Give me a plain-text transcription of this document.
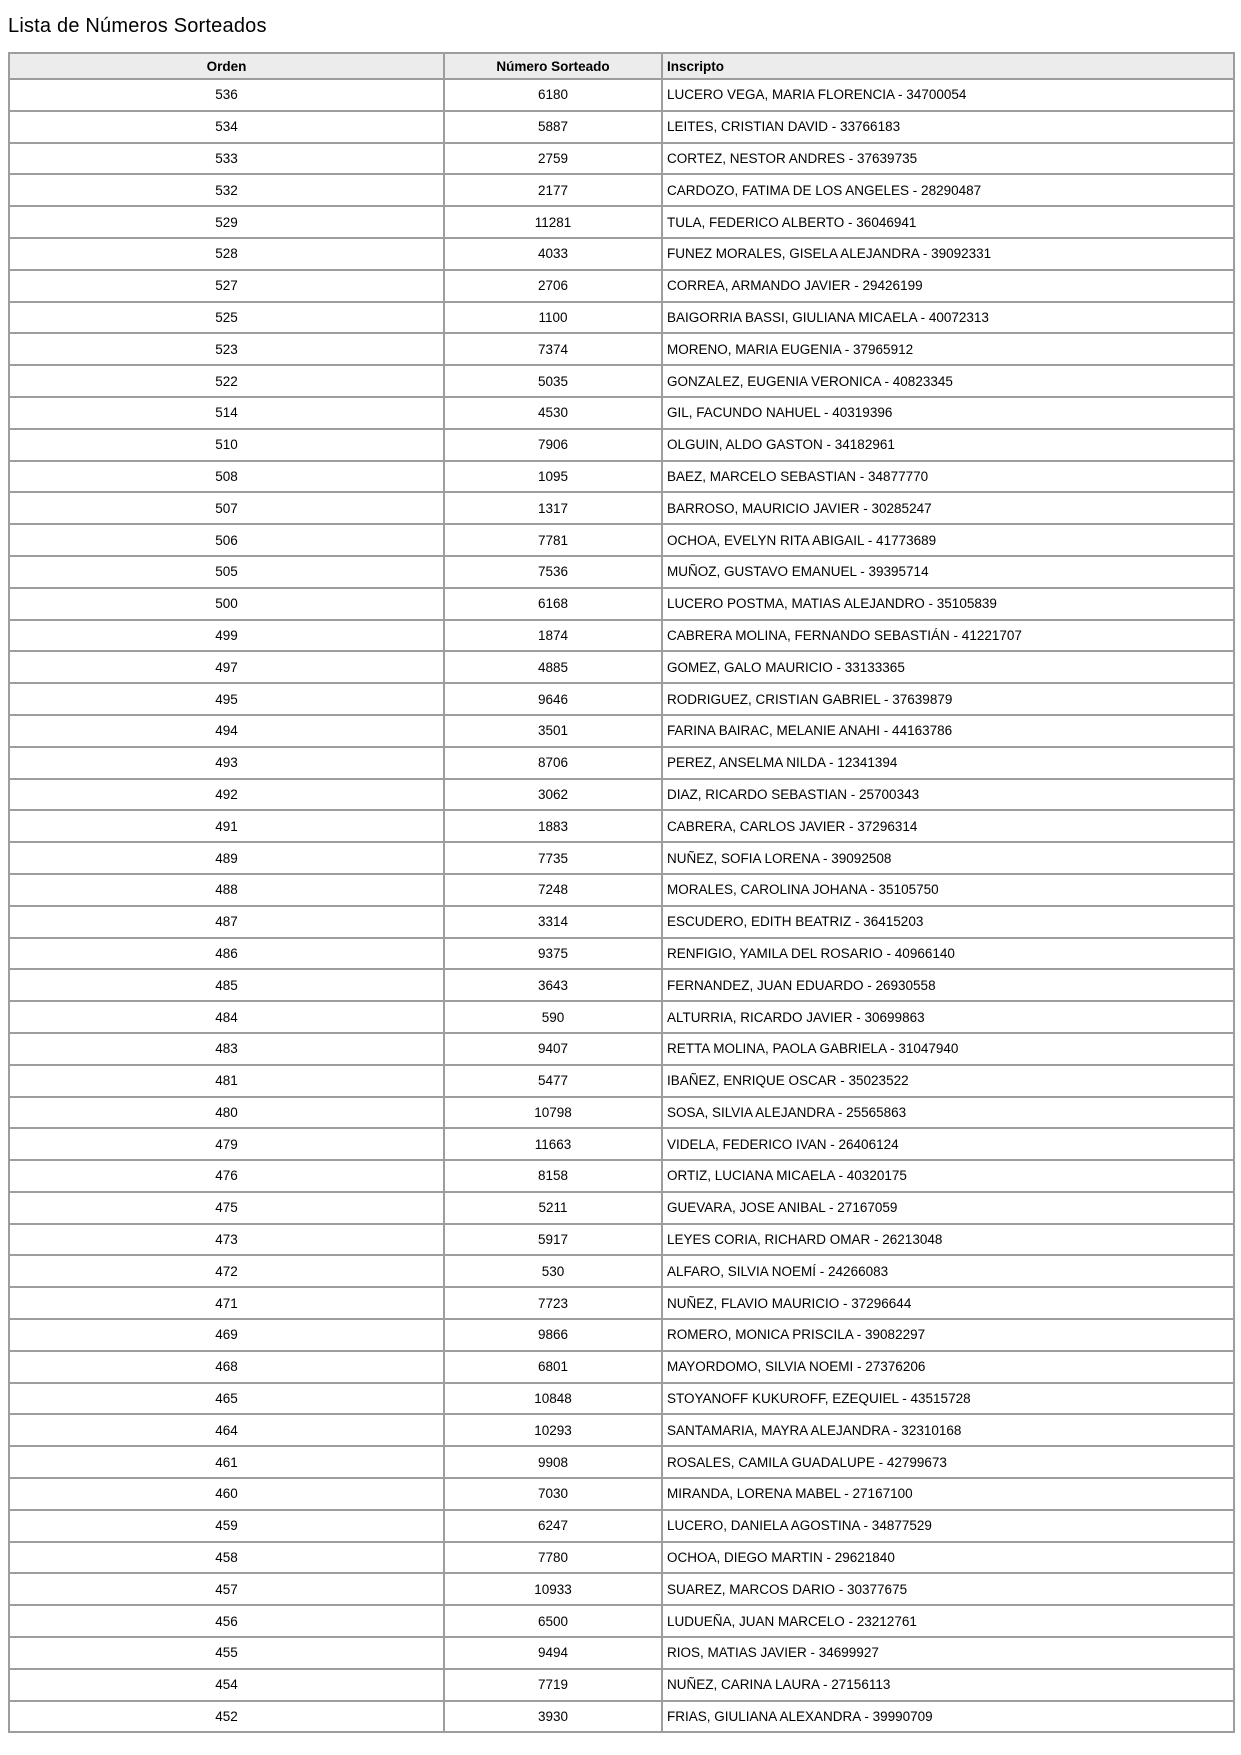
Lista de Números Sorteados
Orden	Número Sorteado	Inscripto
536	6180	LUCERO VEGA, MARIA FLORENCIA - 34700054
534	5887	LEITES, CRISTIAN DAVID - 33766183
533	2759	CORTEZ, NESTOR ANDRES - 37639735
532	2177	CARDOZO, FATIMA DE LOS ANGELES - 28290487
529	11281	TULA, FEDERICO ALBERTO - 36046941
528	4033	FUNEZ MORALES, GISELA ALEJANDRA - 39092331
527	2706	CORREA, ARMANDO JAVIER - 29426199
525	1100	BAIGORRIA BASSI, GIULIANA MICAELA - 40072313
523	7374	MORENO, MARIA EUGENIA - 37965912
522	5035	GONZALEZ, EUGENIA VERONICA - 40823345
514	4530	GIL, FACUNDO NAHUEL - 40319396
510	7906	OLGUIN, ALDO GASTON - 34182961
508	1095	BAEZ, MARCELO SEBASTIAN - 34877770
507	1317	BARROSO, MAURICIO JAVIER - 30285247
506	7781	OCHOA, EVELYN RITA ABIGAIL - 41773689
505	7536	MUÑOZ, GUSTAVO EMANUEL - 39395714
500	6168	LUCERO POSTMA, MATIAS ALEJANDRO - 35105839
499	1874	CABRERA MOLINA, FERNANDO SEBASTIÁN - 41221707
497	4885	GOMEZ, GALO MAURICIO - 33133365
495	9646	RODRIGUEZ, CRISTIAN GABRIEL - 37639879
494	3501	FARINA BAIRAC, MELANIE ANAHI - 44163786
493	8706	PEREZ, ANSELMA NILDA - 12341394
492	3062	DIAZ, RICARDO SEBASTIAN - 25700343
491	1883	CABRERA, CARLOS JAVIER - 37296314
489	7735	NUÑEZ, SOFIA LORENA - 39092508
488	7248	MORALES, CAROLINA JOHANA - 35105750
487	3314	ESCUDERO, EDITH BEATRIZ - 36415203
486	9375	RENFIGIO, YAMILA DEL ROSARIO - 40966140
485	3643	FERNANDEZ, JUAN EDUARDO - 26930558
484	590	ALTURRIA, RICARDO JAVIER - 30699863
483	9407	RETTA MOLINA, PAOLA GABRIELA - 31047940
481	5477	IBAÑEZ, ENRIQUE OSCAR - 35023522
480	10798	SOSA, SILVIA ALEJANDRA - 25565863
479	11663	VIDELA, FEDERICO IVAN - 26406124
476	8158	ORTIZ, LUCIANA MICAELA - 40320175
475	5211	GUEVARA, JOSE ANIBAL - 27167059
473	5917	LEYES CORIA, RICHARD OMAR - 26213048
472	530	ALFARO, SILVIA NOEMÍ - 24266083
471	7723	NUÑEZ, FLAVIO MAURICIO - 37296644
469	9866	ROMERO, MONICA PRISCILA - 39082297
468	6801	MAYORDOMO, SILVIA NOEMI - 27376206
465	10848	STOYANOFF KUKUROFF, EZEQUIEL - 43515728
464	10293	SANTAMARIA, MAYRA ALEJANDRA - 32310168
461	9908	ROSALES, CAMILA GUADALUPE - 42799673
460	7030	MIRANDA, LORENA MABEL - 27167100
459	6247	LUCERO, DANIELA AGOSTINA - 34877529
458	7780	OCHOA, DIEGO MARTIN - 29621840
457	10933	SUAREZ, MARCOS DARIO - 30377675
456	6500	LUDUEÑA, JUAN MARCELO - 23212761
455	9494	RIOS, MATIAS JAVIER - 34699927
454	7719	NUÑEZ, CARINA LAURA - 27156113
452	3930	FRIAS, GIULIANA ALEXANDRA - 39990709
